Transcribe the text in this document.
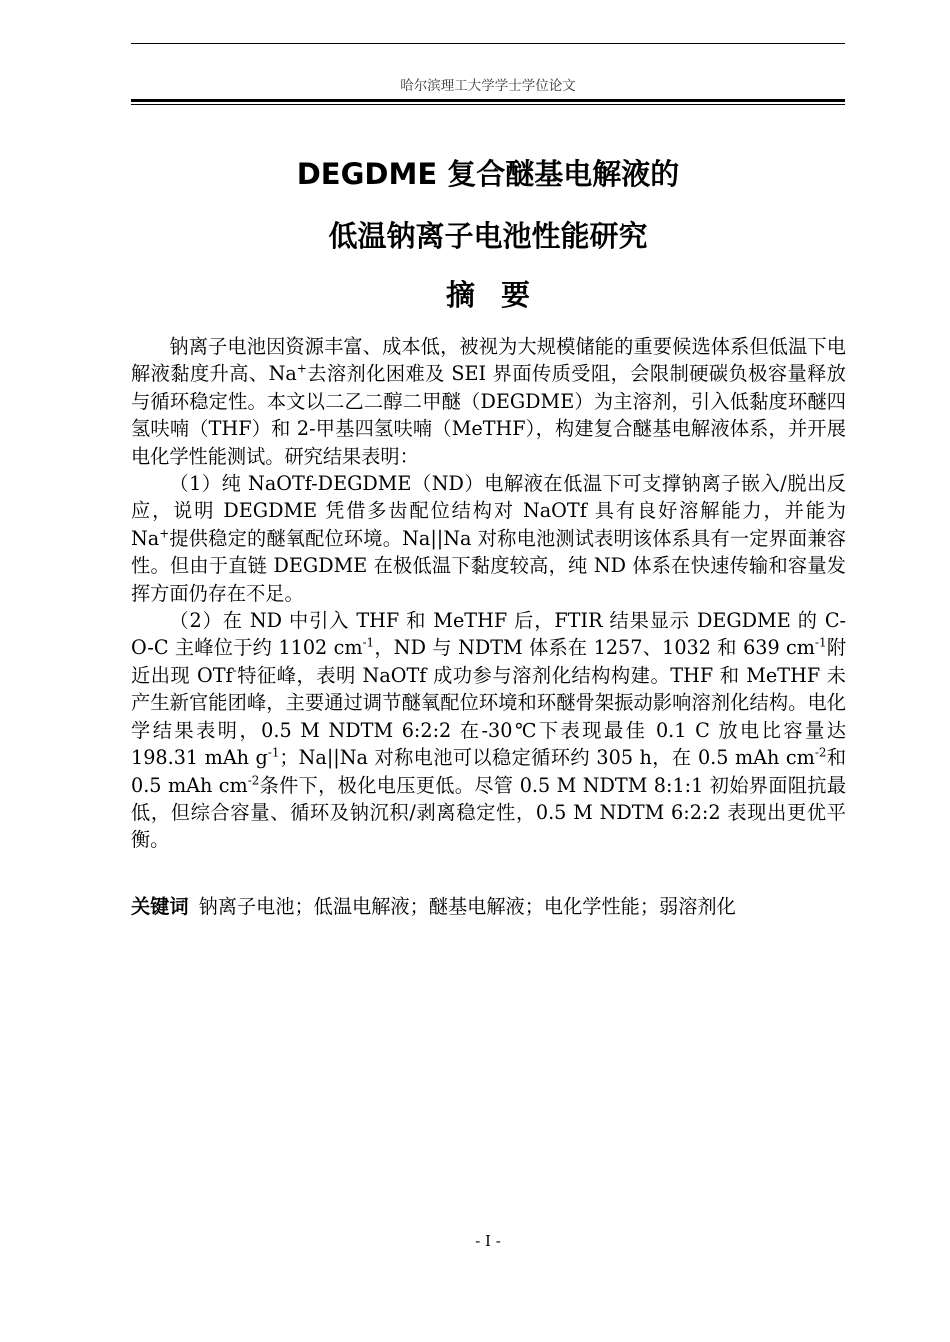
哈尔滨理工大学学士学位论文
DEGDME 复合醚基电解液的
低温钠离子电池性能研究
摘要

钠离子电池因资源丰富、成本低，被视为大规模储能的重要候选体系但低温下电解液黏度升高、Na+去溶剂化困难及 SEI 界面传质受阻，会限制硬碳负极容量释放与循环稳定性。本文以二乙二醇二甲醚（DEGDME）为主溶剂，引入低黏度环醚四氢呋喃（THF）和 2-甲基四氢呋喃（MeTHF），构建复合醚基电解液体系，并开展电化学性能测试。研究结果表明：

（1）纯 NaOTf-DEGDME（ND）电解液在低温下可支撑钠离子嵌入/脱出反应，说明 DEGDME 凭借多齿配位结构对 NaOTf 具有良好溶解能力，并能为 Na+提供稳定的醚氧配位环境。Na||Na 对称电池测试表明该体系具有一定界面兼容性。但由于直链 DEGDME 在极低温下黏度较高，纯 ND 体系在快速传输和容量发挥方面仍存在不足。

（2）在 ND 中引入 THF 和 MeTHF 后，FTIR 结果显示 DEGDME 的 C-O-C 主峰位于约 1102 $cm^{-1}$，ND 与 NDTM 体系在 1257、1032 和 639 $cm^{-1}$附近出现 OTf-特征峰，表明 NaOTf 成功参与溶剂化结构构建。THF 和 MeTHF 未产生新官能团峰，主要通过调节醚氧配位环境和环醚骨架振动影响溶剂化结构。电化学结果表明，0.5 M NDTM 6:2:2 在-30℃下表现最佳 0.1 C 放电比容量达 198.31 mAh $g^{-1}$；Na||Na 对称电池可以稳定循环约 305 h，在 0.5 mAh $cm^{-2}$和 0.5 mAh $cm^{-2}$条件下，极化电压更低。尽管 0.5 M NDTM 8:1:1 初始界面阻抗最低，但综合容量、循环及钠沉积/剥离稳定性，0.5 M NDTM 6:2:2 表现出更优平衡。

关键词 钠离子电池；低温电解液；醚基电解液；电化学性能；弱溶剂化
- I -
